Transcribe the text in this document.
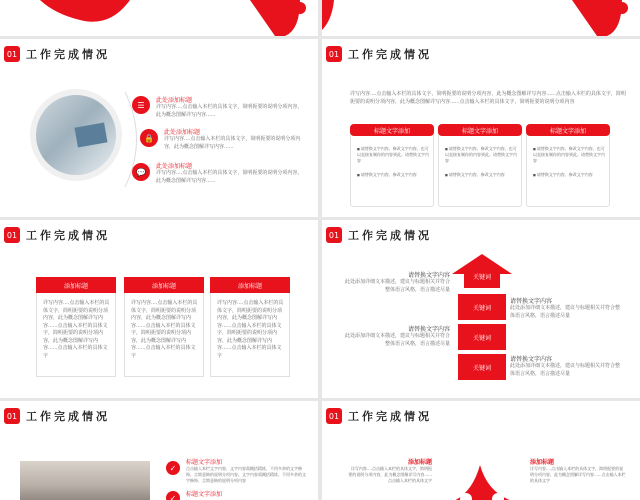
01 工作完成情况
☰
🔒
💬
此处添加标题
详写内容....点击输入本栏的具体文字，简明扼要的说明分项内容，此为概念图解详写内容......
此处添加标题
详写内容....点击输入本栏的具体文字，简明扼要的说明分项内容，此为概念图解详写内容......
此处添加标题
详写内容....点击输入本栏的具体文字，简明扼要的说明分项内容，此为概念图解详写内容......
01 工作完成情况
详写内容....点击输入本栏的具体文字，简明扼要的说明分项内容，此为概念图解详写内容......点击输入本栏的具体文字，简明扼要的说明分项内容，此为概念图解详写内容......点击输入本栏的具体文字，简明扼要的说明分项内容
标题文字添加
■ 请替换文字内容，修改文字内容，也可以直接复制你的内容到此。请替换文字内容
■ 请替换文字内容，修改文字内容
标题文字添加
■ 请替换文字内容，修改文字内容，也可以直接复制你的内容到此。请替换文字内容
■ 请替换文字内容，修改文字内容
标题文字添加
■ 请替换文字内容，修改文字内容，也可以直接复制你的内容到此。请替换文字内容
■ 请替换文字内容，修改文字内容
01 工作完成情况
添加标题
详写内容....点击输入本栏的具体文字，简明扼要的说明分项内容，此为概念图解详写内容......点击输入本栏的具体文字，简明扼要的说明分项内容，此为概念图解详写内容......点击输入本栏的具体文字
添加标题
详写内容....点击输入本栏的具体文字，简明扼要的说明分项内容，此为概念图解详写内容......点击输入本栏的具体文字，简明扼要的说明分项内容，此为概念图解详写内容......点击输入本栏的具体文字
添加标题
详写内容....点击输入本栏的具体文字，简明扼要的说明分项内容，此为概念图解详写内容......点击输入本栏的具体文字，简明扼要的说明分项内容，此为概念图解详写内容......点击输入本栏的具体文字
01 工作完成情况
关键词
关键词
关键词
关键词
请替换文字内容
此处添加详细文本描述，建议与标题相关并符合整体语言风格，语言描述尽量
请替换文字内容
此处添加详细文本描述，建议与标题相关并符合整体语言风格，语言描述尽量
请替换文字内容
此处添加详细文本描述，建议与标题相关并符合整体语言风格，语言描述尽量
请替换文字内容
此处添加详细文本描述，建议与标题相关并符合整体语言风格，语言描述尽量
01 工作完成情况
✓
✓
标题文字添加
点击输入本栏文字内容，文字内容需概括精炼，不用多余的文字修饰，言简意赅的说明分项内容。文字内容需概括精炼，不用多余的文字修饰，言简意赅的说明分项内容
标题文字添加
01 工作完成情况
添加标题
详写内容....点击输入本栏的具体文字，简明扼要的说明分项内容，此为概念图解详写内容......点击输入本栏的具体文字
添加标题
详写内容....点击输入本栏的具体文字，简明扼要的说明分项内容，此为概念图解详写内容......点击输入本栏的具体文字
